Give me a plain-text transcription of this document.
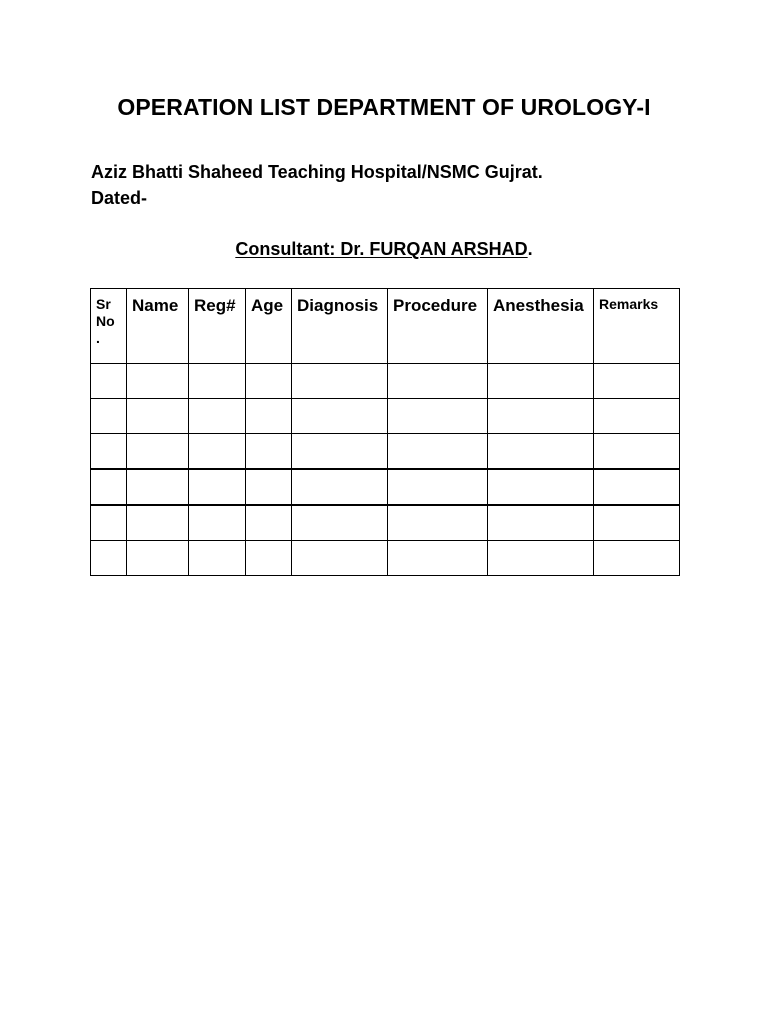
OPERATION LIST DEPARTMENT OF UROLOGY-I
Aziz Bhatti Shaheed Teaching Hospital/NSMC Gujrat.
Dated-
Consultant: Dr. FURQAN ARSHAD.
Sr No .	Name	Reg#	Age	Diagnosis	Procedure	Anesthesia	Remarks
